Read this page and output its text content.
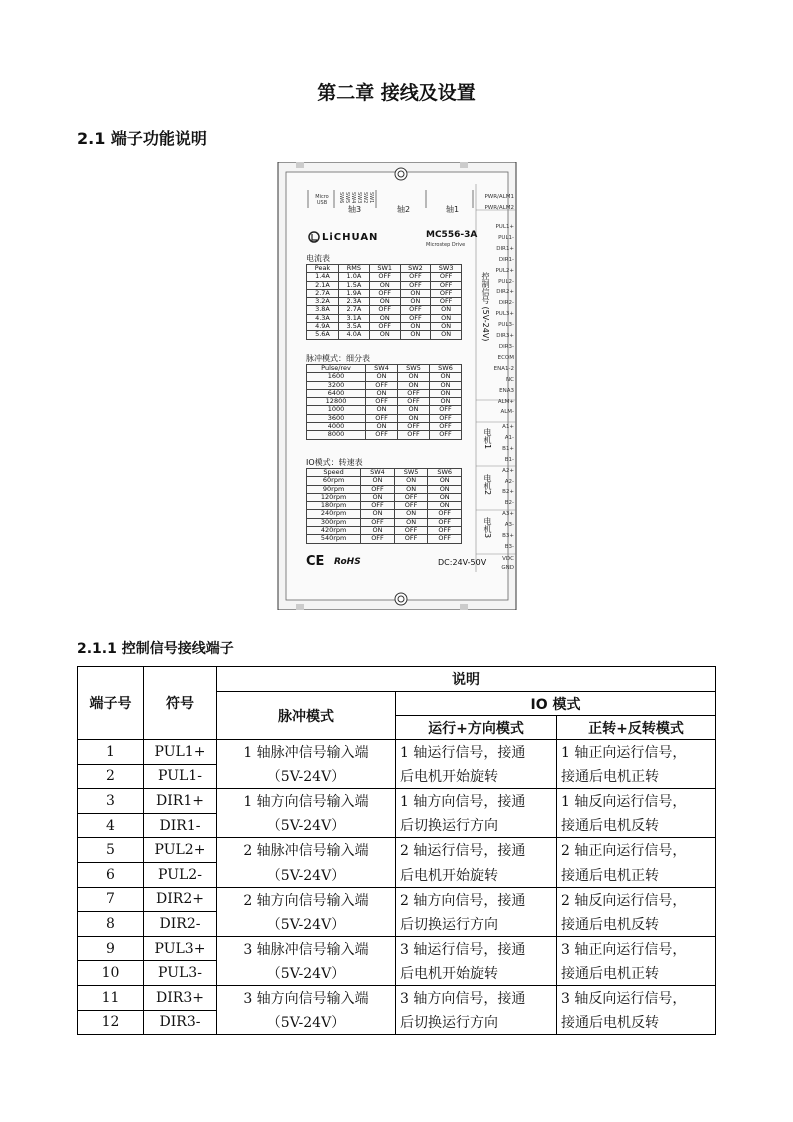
第二章 接线及设置
2.1 端子功能说明
Micro USB
轴3	轴2	轴1
SW6 SW5 SW4 SW3 SW2 SW1
LiCHUAN	MC556-3A
Microstep Drive
电流表
Peak	RMS	SW1	SW2	SW3
1.4A	1.0A	OFF	OFF	OFF
2.1A	1.5A	ON	OFF	OFF
2.7A	1.9A	OFF	ON	OFF
3.2A	2.3A	ON	ON	OFF
3.8A	2.7A	OFF	OFF	ON
4.3A	3.1A	ON	OFF	ON
4.9A	3.5A	OFF	ON	ON
5.6A	4.0A	ON	ON	ON
脉冲模式：细分表
Pulse/rev	SW4	SW5	SW6
1600	ON	ON	ON
3200	OFF	ON	ON
6400	ON	OFF	ON
12800	OFF	OFF	ON
1000	ON	ON	OFF
3600	OFF	ON	OFF
4000	ON	OFF	OFF
8000	OFF	OFF	OFF
IO模式：转速表
Speed	SW4	SW5	SW6
60rpm	ON	ON	ON
90rpm	OFF	ON	ON
120rpm	ON	OFF	ON
180rpm	OFF	OFF	ON
240rpm	ON	ON	OFF
300rpm	OFF	ON	OFF
420rpm	ON	OFF	OFF
540rpm	OFF	OFF	OFF
CE RoHS	DC:24V-50V
控制信号 (5V-24V)
电机1
电机2
电机3
PWR/ALM1
PWR/ALM2
PUL1+
PUL1-
DIR1+
DIR1-
PUL2+
PUL2-
DIR2+
DIR2-
PUL3+
PUL3-
DIR3+
DIR3-
ECOM
ENA1-2
NC
ENA3
ALM+
ALM-
A1+
A1-
B1+
B1-
A2+
A2-
B2+
B2-
A3+
A3-
B3+
B3-
VDC
GND
2.1.1 控制信号接线端子
端子号	符号	说明		
		脉冲模式	IO 模式	
			运行+方向模式	正转+反转模式
1	PUL1+	1 轴脉冲信号输入端	1 轴运行信号，接通	1 轴正向运行信号，
2	PUL1-	（5V-24V）	后电机开始旋转	接通后电机正转
3	DIR1+	1 轴方向信号输入端	1 轴方向信号，接通	1 轴反向运行信号，
4	DIR1-	（5V-24V）	后切换运行方向	接通后电机反转
5	PUL2+	2 轴脉冲信号输入端	2 轴运行信号，接通	2 轴正向运行信号，
6	PUL2-	（5V-24V）	后电机开始旋转	接通后电机正转
7	DIR2+	2 轴方向信号输入端	2 轴方向信号，接通	2 轴反向运行信号，
8	DIR2-	（5V-24V）	后切换运行方向	接通后电机反转
9	PUL3+	3 轴脉冲信号输入端	3 轴运行信号，接通	3 轴正向运行信号，
10	PUL3-	（5V-24V）	后电机开始旋转	接通后电机正转
11	DIR3+	3 轴方向信号输入端	3 轴方向信号，接通	3 轴反向运行信号，
12	DIR3-	（5V-24V）	后切换运行方向	接通后电机反转
